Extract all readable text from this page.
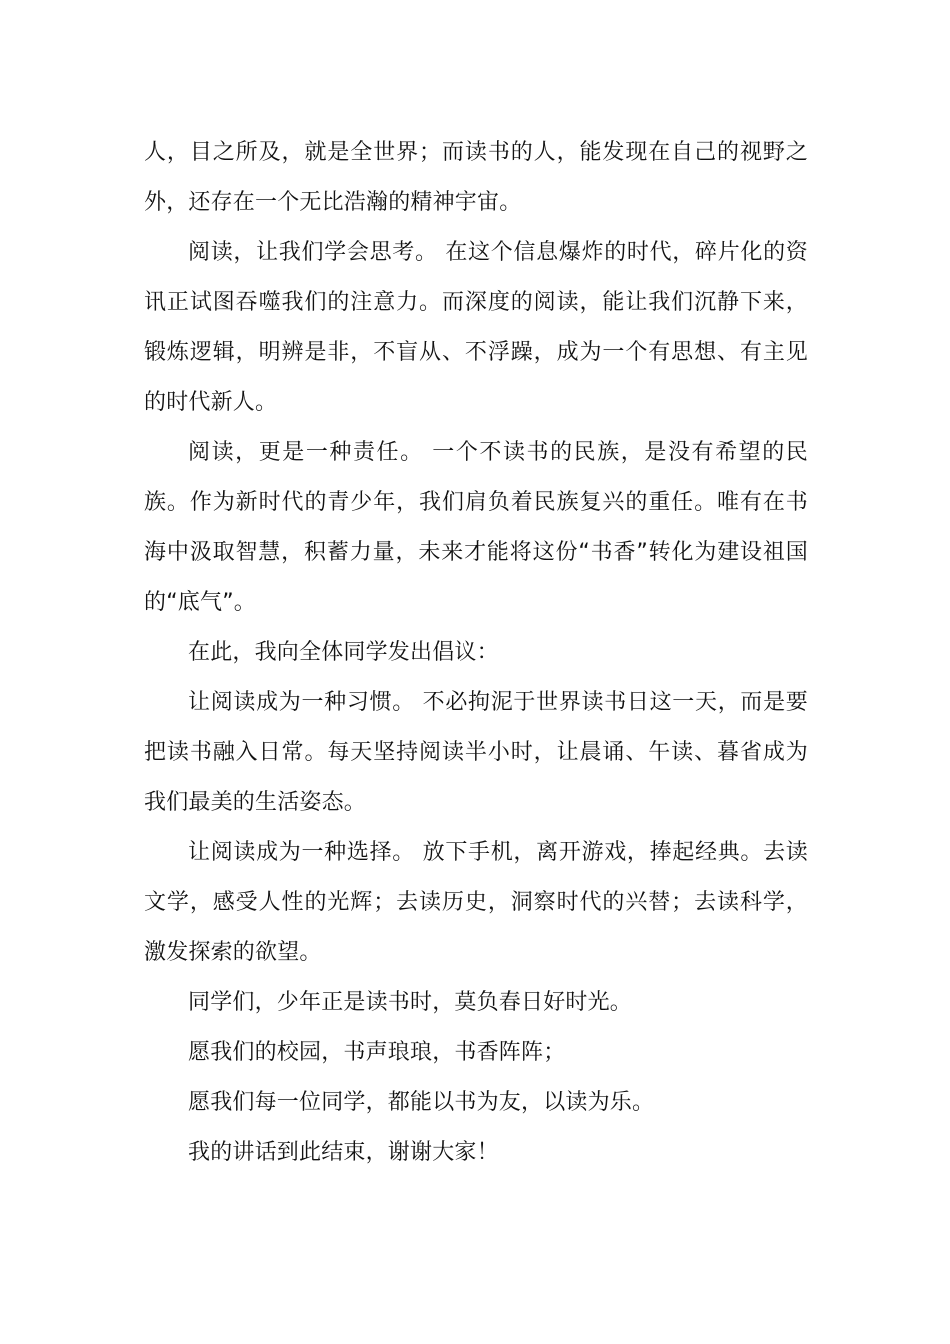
人，目之所及，就是全世界；而读书的人，能发现在自己的视野之外，还存在一个无比浩瀚的精神宇宙。

阅读，让我们学会思考。 在这个信息爆炸的时代，碎片化的资讯正试图吞噬我们的注意力。而深度的阅读，能让我们沉静下来，锻炼逻辑，明辨是非，不盲从、不浮躁，成为一个有思想、有主见的时代新人。

阅读，更是一种责任。 一个不读书的民族，是没有希望的民族。作为新时代的青少年，我们肩负着民族复兴的重任。唯有在书海中汲取智慧，积蓄力量，未来才能将这份“书香”转化为建设祖国的“底气”。

在此，我向全体同学发出倡议：

让阅读成为一种习惯。 不必拘泥于世界读书日这一天，而是要把读书融入日常。每天坚持阅读半小时，让晨诵、午读、暮省成为我们最美的生活姿态。

让阅读成为一种选择。 放下手机，离开游戏，捧起经典。去读文学，感受人性的光辉；去读历史，洞察时代的兴替；去读科学，激发探索的欲望。

同学们，少年正是读书时，莫负春日好时光。

愿我们的校园，书声琅琅，书香阵阵；

愿我们每一位同学，都能以书为友，以读为乐。

我的讲话到此结束，谢谢大家！
